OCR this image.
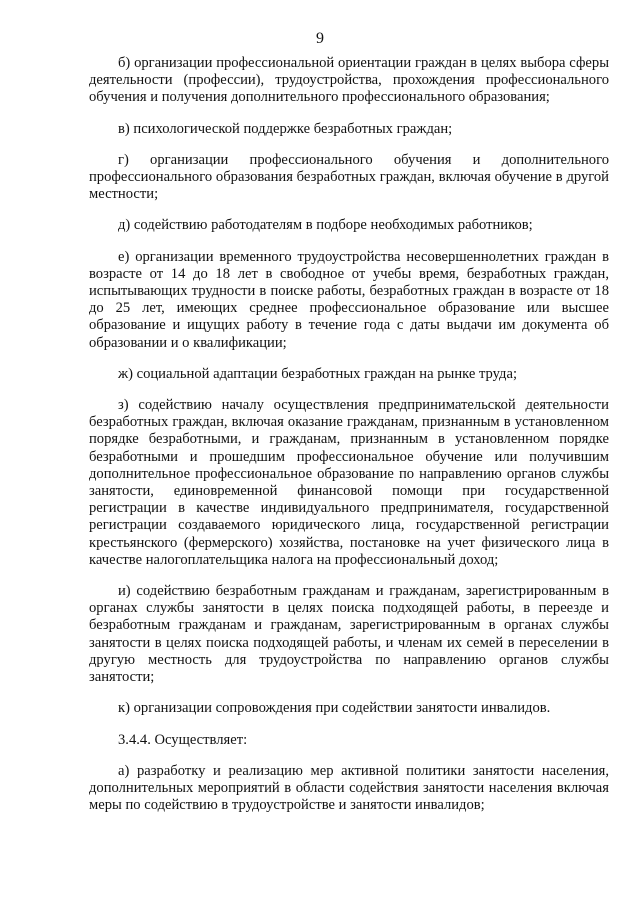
9

б) организации профессиональной ориентации граждан в целях выбора сферы деятельности (профессии), трудоустройства, прохождения профессионального обучения и получения дополнительного профессионального образования;

в) психологической поддержке безработных граждан;

г) организации профессионального обучения и дополнительного профессионального образования безработных граждан, включая обучение в другой местности;

д) содействию работодателям в подборе необходимых работников;

е) организации временного трудоустройства несовершеннолетних граждан в возрасте от 14 до 18 лет в свободное от учебы время, безработных граждан, испытывающих трудности в поиске работы, безработных граждан в возрасте от 18 до 25 лет, имеющих среднее профессиональное образование или высшее образование и ищущих работу в течение года с даты выдачи им документа об образовании и о квалификации;

ж) социальной адаптации безработных граждан на рынке труда;

з) содействию началу осуществления предпринимательской деятельности безработных граждан, включая оказание гражданам, признанным в установленном порядке безработными, и гражданам, признанным в установленном порядке безработными и прошедшим профессиональное обучение или получившим дополнительное профессиональное образование по направлению органов службы занятости, единовременной финансовой помощи при государственной регистрации в качестве индивидуального предпринимателя, государственной регистрации создаваемого юридического лица, государственной регистрации крестьянского (фермерского) хозяйства, постановке на учет физического лица в качестве налогоплательщика налога на профессиональный доход;

и) содействию безработным гражданам и гражданам, зарегистрированным в органах службы занятости в целях поиска подходящей работы, в переезде и безработным гражданам и гражданам, зарегистрированным в органах службы занятости в целях поиска подходящей работы, и членам их семей в переселении в другую местность для трудоустройства по направлению органов службы занятости;

к) организации сопровождения при содействии занятости инвалидов.

3.4.4. Осуществляет:

а) разработку и реализацию мер активной политики занятости населения, дополнительных мероприятий в области содействия занятости населения включая меры по содействию в трудоустройстве и занятости инвалидов;
